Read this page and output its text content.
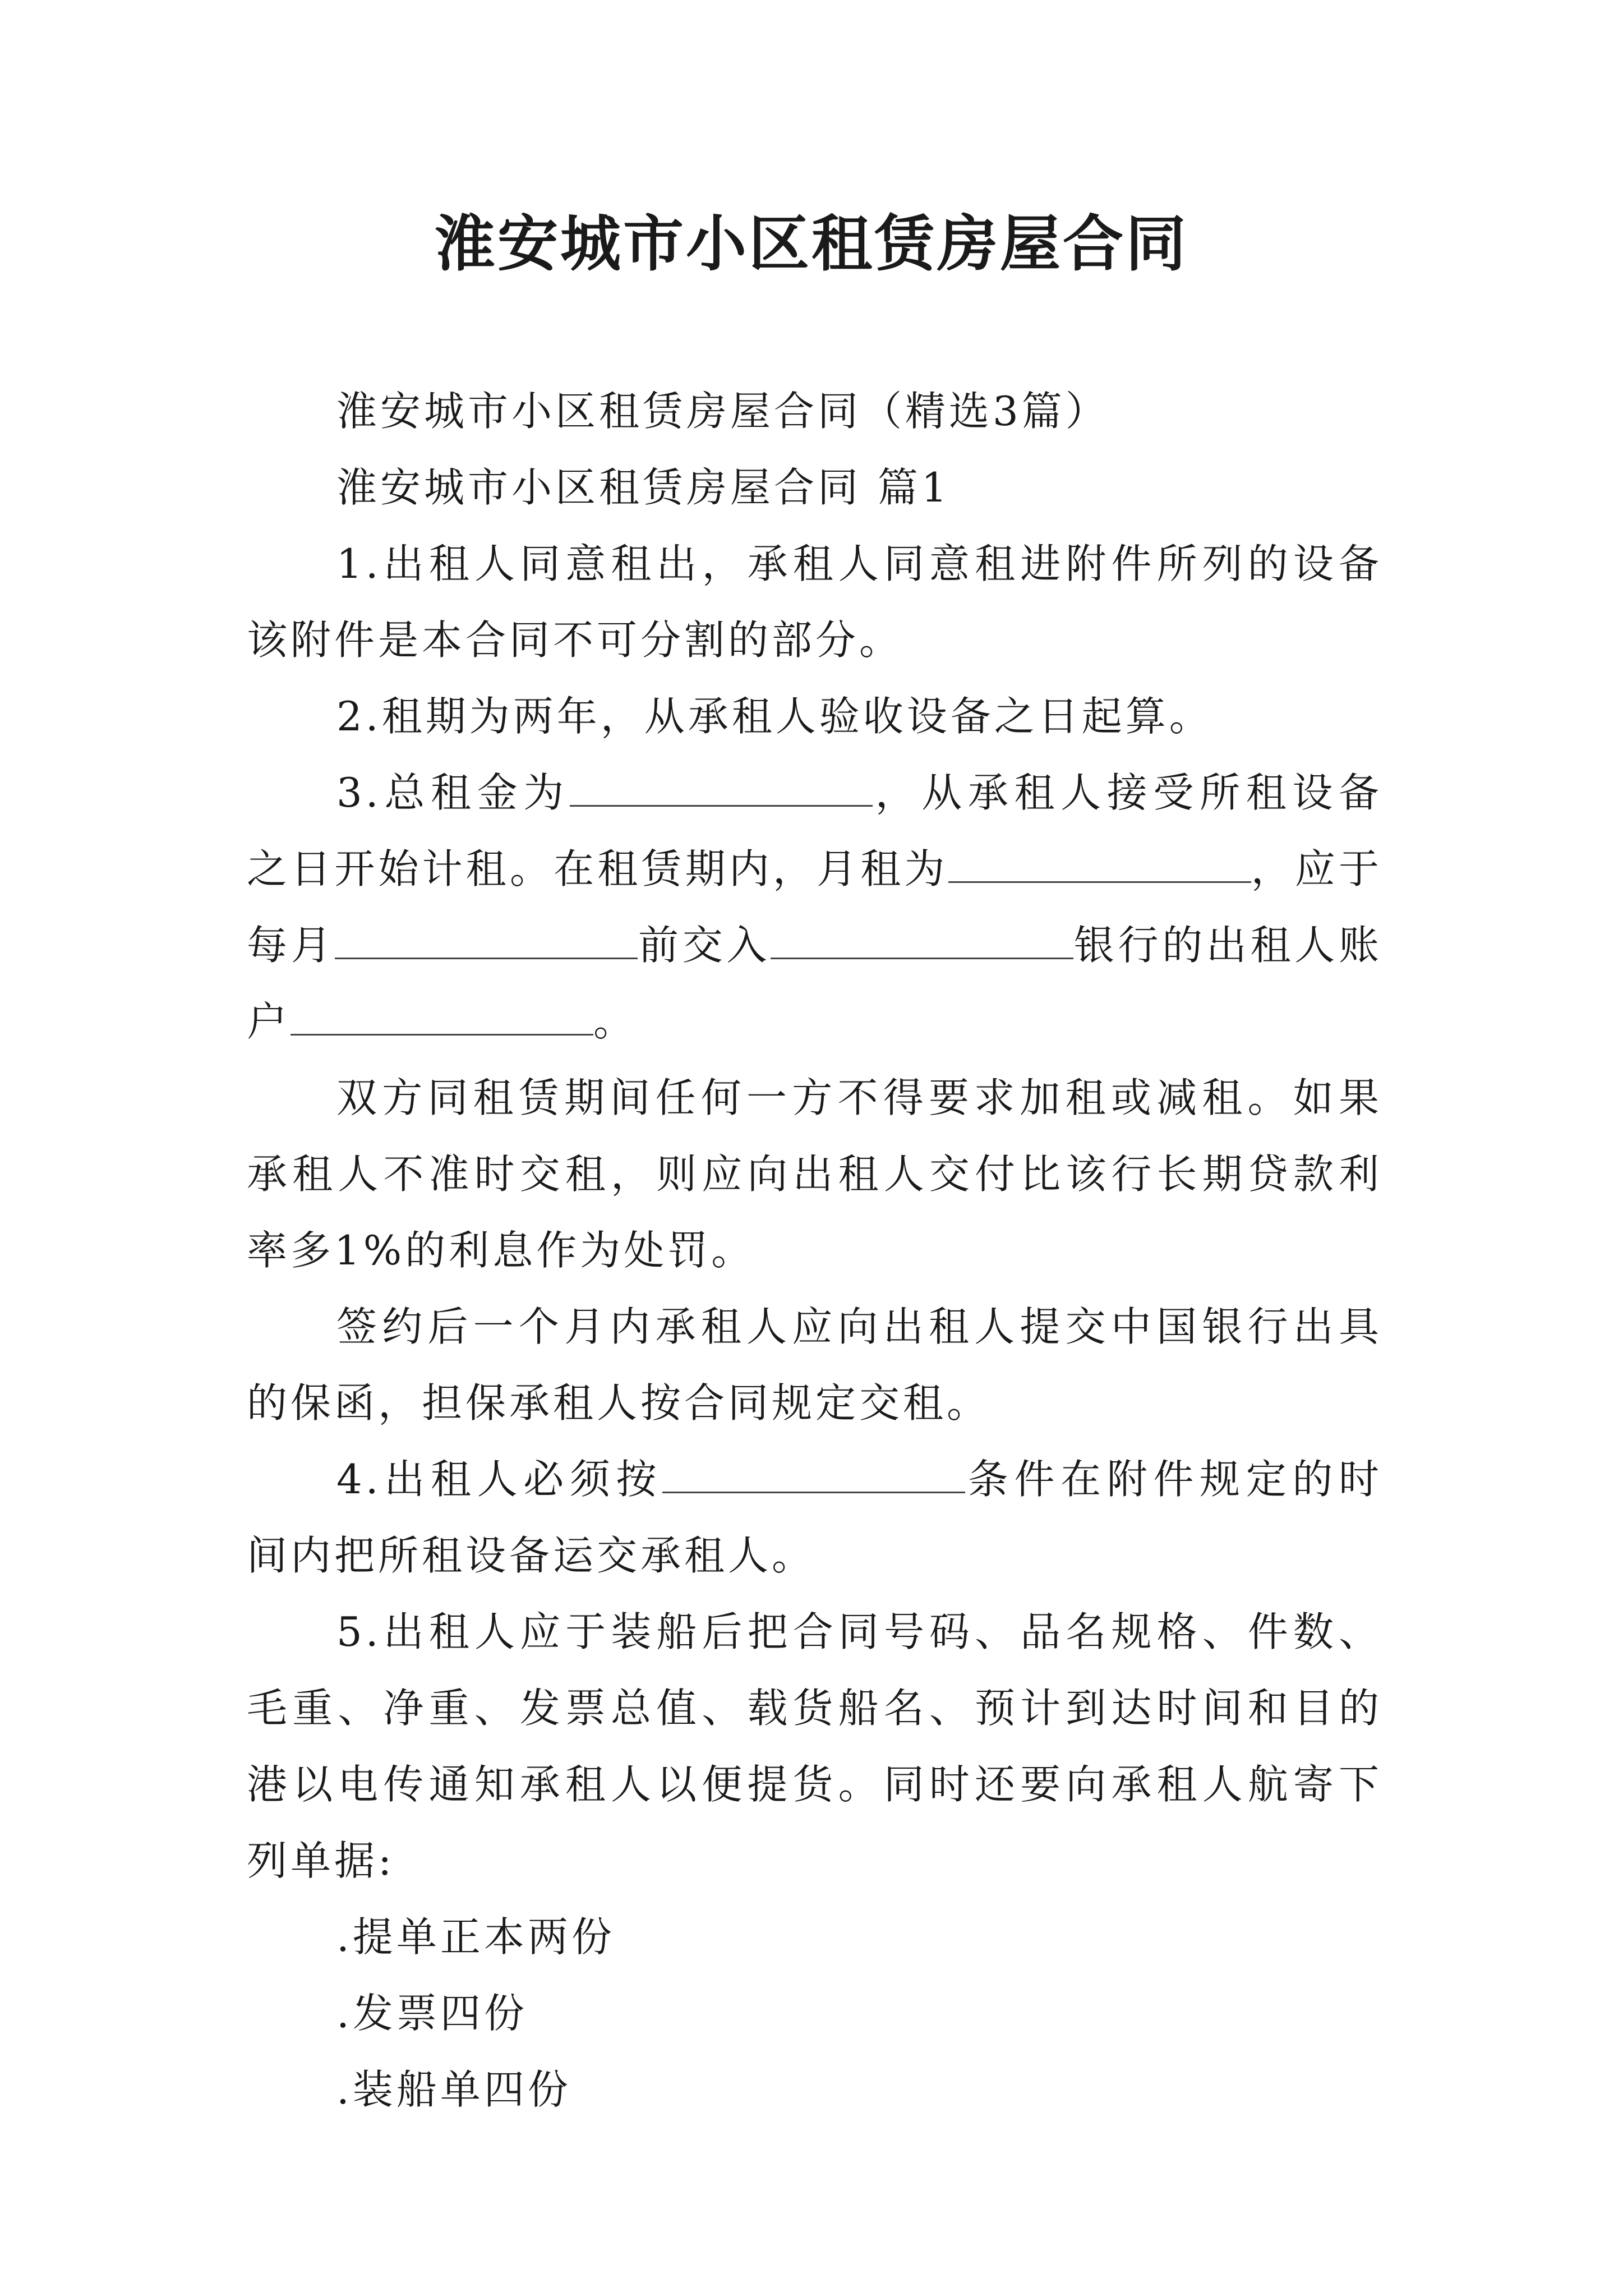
淮安城市小区租赁房屋合同

淮安城市小区租赁房屋合同（精选3篇）

淮安城市小区租赁房屋合同 篇1

1.出租人同意租出，承租人同意租进附件所列的设备该附件是本合同不可分割的部分。

2.租期为两年，从承租人验收设备之日起算。

3.总租金为	，从承租人接受所租设备之日开始计租。在租赁期内，月租为	，应于每月	前交入	银行的出租人账户	。

双方同租赁期间任何一方不得要求加租或减租。如果承租人不准时交租，则应向出租人交付比该行长期贷款利率多1%的利息作为处罚。

签约后一个月内承租人应向出租人提交中国银行出具的保函，担保承租人按合同规定交租。

4.出租人必须按	条件在附件规定的时间内把所租设备运交承租人。

5.出租人应于装船后把合同号码、品名规格、件数、毛重、净重、发票总值、载货船名、预计到达时间和目的港以电传通知承租人以便提货。同时还要向承租人航寄下列单据:

.提单正本两份

.发票四份

.装船单四份
